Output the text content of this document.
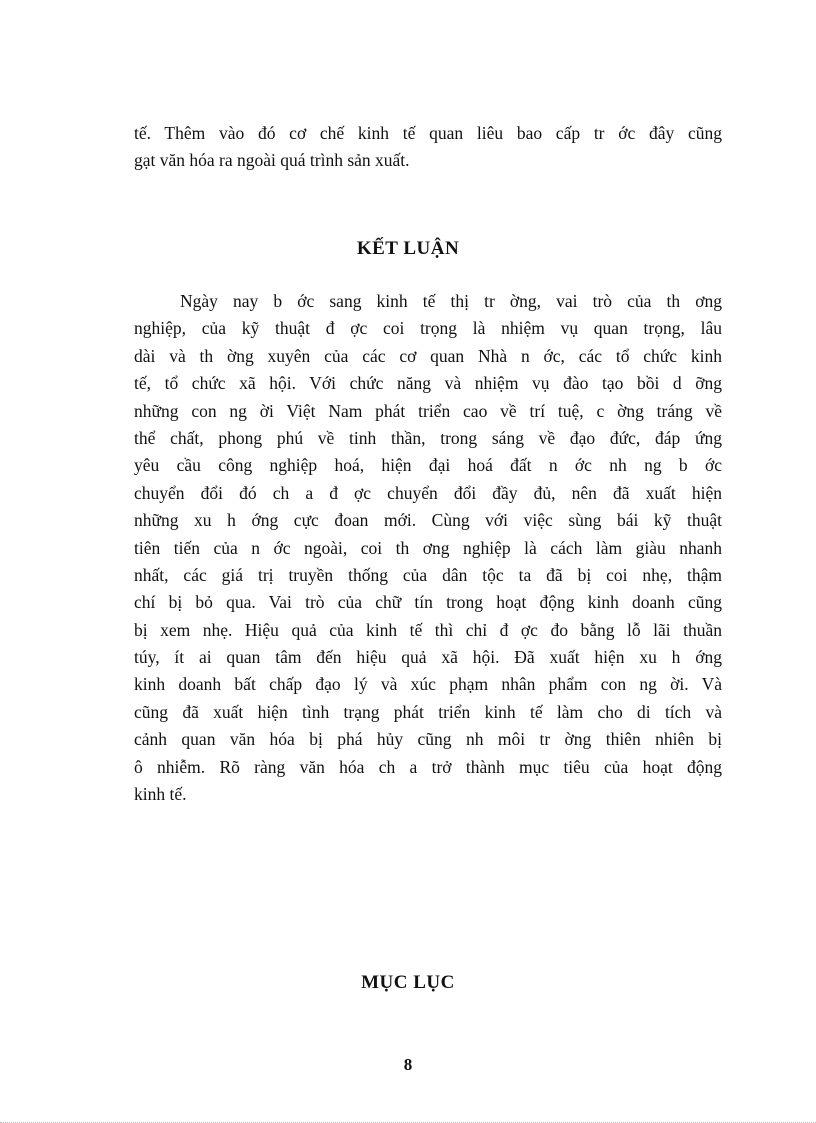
tế. Thêm vào đó cơ chế kinh tế quan liêu bao cấp tr ớc đây cũng
gạt văn hóa ra ngoài quá trình sản xuất.
KẾT LUẬN
Ngày nay b ớc sang kinh tế thị tr ờng, vai trò của th ơng
nghiệp, của kỹ thuật đ ợc coi trọng là nhiệm vụ quan trọng, lâu
dài và th ờng xuyên của các cơ quan Nhà n ớc, các tổ chức kinh
tế, tổ chức xã hội. Với chức năng và nhiệm vụ đào tạo bồi d ỡng
những con ng ời Việt Nam phát triển cao về trí tuệ, c ờng tráng về
thể chất, phong phú về tinh thần, trong sáng về đạo đức, đáp ứng
yêu cầu công nghiệp hoá, hiện đại hoá đất n ớc nh ng b ớc
chuyển đổi đó ch a đ ợc chuyển đổi đầy đủ, nên đã xuất hiện
những xu h ớng cực đoan mới. Cùng với việc sùng bái kỹ thuật
tiên tiến của n ớc ngoài, coi th ơng nghiệp là cách làm giàu nhanh
nhất, các giá trị truyền thống của dân tộc ta đã bị coi nhẹ, thậm
chí bị bỏ qua. Vai trò của chữ tín trong hoạt động kinh doanh cũng
bị xem nhẹ. Hiệu quả của kinh tế thì chỉ đ ợc đo bằng lỗ lãi thuần
túy, ít ai quan tâm đến hiệu quả xã hội. Đã xuất hiện xu h ớng
kinh doanh bất chấp đạo lý và xúc phạm nhân phẩm con ng ời. Và
cũng đã xuất hiện tình trạng phát triển kinh tế làm cho di tích và
cảnh quan văn hóa bị phá hủy cũng nh môi tr ờng thiên nhiên bị
ô nhiễm. Rõ ràng văn hóa ch a trở thành mục tiêu của hoạt động
kinh tế.
MỤC LỤC
8
